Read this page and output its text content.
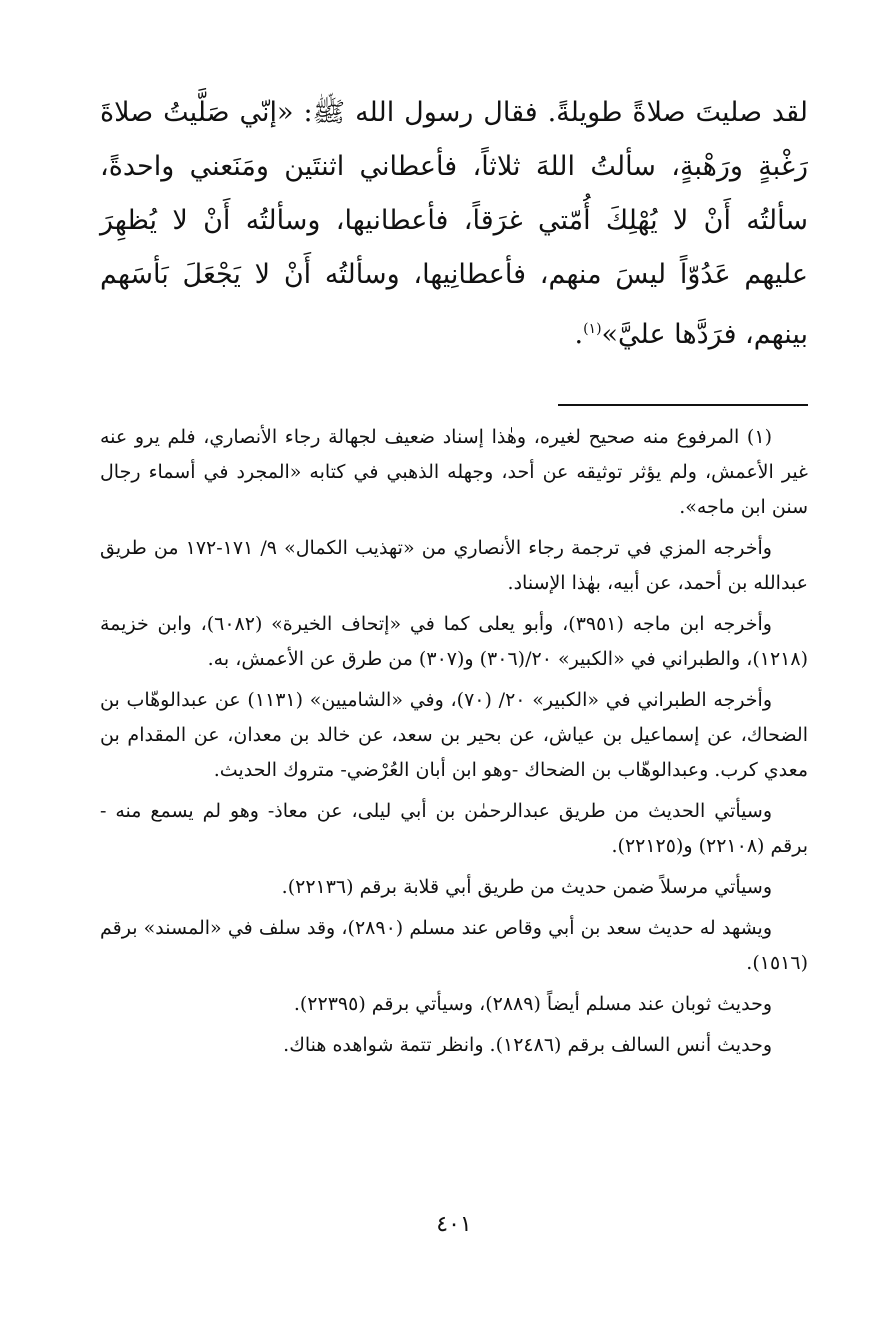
لقد صليتَ صلاةً طويلةً. فقال رسول الله ﷺ: «إنّي صَلَّيتُ صلاةَ رَغْبةٍ ورَهْبةٍ، سألتُ اللهَ ثلاثاً، فأعطاني اثنتَين ومَنَعني واحدةً، سألتُه أَنْ لا يُهْلِكَ أُمّتي غرَقاً، فأعطانيها، وسألتُه أَنْ لا يُظهِرَ عليهم عَدُوّاً ليسَ منهم، فأعطانِيها، وسألتُه أَنْ لا يَجْعَلَ بَأسَهم بينهم، فرَدَّها عليَّ»$^{(١)}$.

(١) المرفوع منه صحيح لغيره، وهٰذا إسناد ضعيف لجهالة رجاء الأنصاري، فلم يرو عنه غير الأعمش، ولم يؤثر توثيقه عن أحد، وجهله الذهبي في كتابه «المجرد في أسماء رجال سنن ابن ماجه».

وأخرجه المزي في ترجمة رجاء الأنصاري من «تهذيب الكمال» ٩/ ١٧١-١٧٢ من طريق عبدالله بن أحمد، عن أبيه، بهٰذا الإسناد.

وأخرجه ابن ماجه (٣٩٥١)، وأبو يعلى كما في «إتحاف الخيرة» (٦٠٨٢)، وابن خزيمة (١٢١٨)، والطبراني في «الكبير» ٢٠/(٣٠٦) و(٣٠٧) من طرق عن الأعمش، به.

وأخرجه الطبراني في «الكبير» ٢٠/ (٧٠)، وفي «الشاميين» (١١٣١) عن عبدالوهّاب بن الضحاك، عن إسماعيل بن عياش، عن بحير بن سعد، عن خالد بن معدان، عن المقدام بن معدي كرب. وعبدالوهّاب بن الضحاك -وهو ابن أبان العُرْضي- متروك الحديث.

وسيأتي الحديث من طريق عبدالرحمٰن بن أبي ليلى، عن معاذ- وهو لم يسمع منه - برقم (٢٢١٠٨) و(٢٢١٢٥).

وسيأتي مرسلاً ضمن حديث من طريق أبي قلابة برقم (٢٢١٣٦).

ويشهد له حديث سعد بن أبي وقاص عند مسلم (٢٨٩٠)، وقد سلف في «المسند» برقم (١٥١٦).

وحديث ثوبان عند مسلم أيضاً (٢٨٨٩)، وسيأتي برقم (٢٢٣٩٥).

وحديث أنس السالف برقم (١٢٤٨٦). وانظر تتمة شواهده هناك.

٤٠١
